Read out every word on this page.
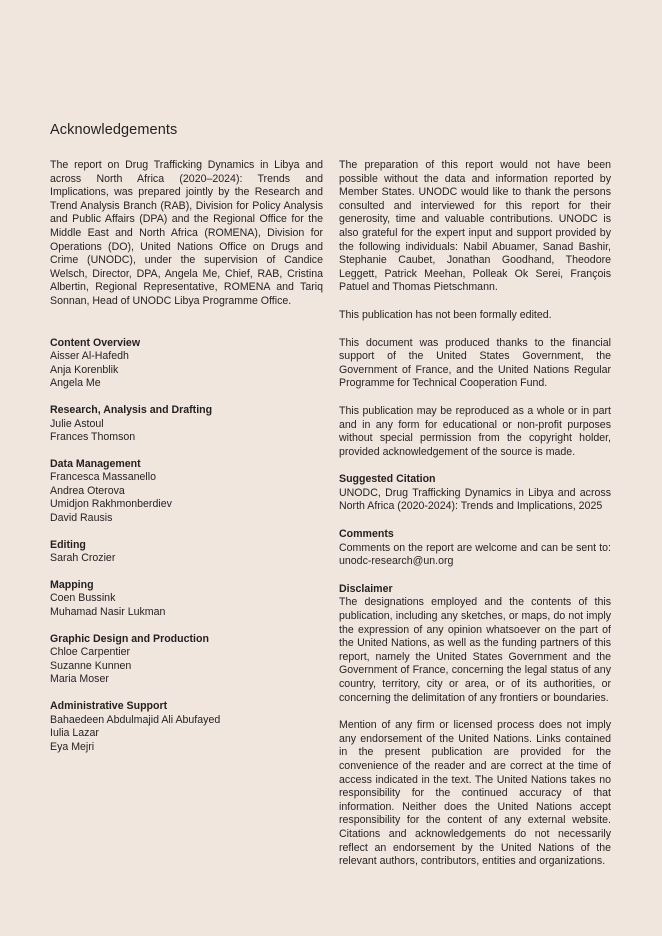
Acknowledgements

The report on Drug Trafficking Dynamics in Libya and across North Africa (2020–2024): Trends and Implications, was prepared jointly by the Research and Trend Analysis Branch (RAB), Division for Policy Analysis and Public Affairs (DPA) and the Regional Office for the Middle East and North Africa (ROMENA), Division for Operations (DO), United Nations Office on Drugs and Crime (UNODC), under the supervision of Candice Welsch, Director, DPA, Angela Me, Chief, RAB, Cristina Albertin, Regional Representative, ROMENA and Tariq Sonnan, Head of UNODC Libya Programme Office.

Content Overview
Aisser Al-Hafedh
Anja Korenblik
Angela Me
Research, Analysis and Drafting
Julie Astoul
Frances Thomson
Data Management
Francesca Massanello
Andrea Oterova
Umidjon Rakhmonberdiev
David Rausis
Editing
Sarah Crozier
Mapping
Coen Bussink
Muhamad Nasir Lukman
Graphic Design and Production
Chloe Carpentier
Suzanne Kunnen
Maria Moser
Administrative Support
Bahaedeen Abdulmajid Ali Abufayed
Iulia Lazar
Eya Mejri

The preparation of this report would not have been possible without the data and information reported by Member States. UNODC would like to thank the persons consulted and interviewed for this report for their generosity, time and valuable contributions. UNODC is also grateful for the expert input and support provided by the following individuals: Nabil Abuamer, Sanad Bashir, Stephanie Caubet, Jonathan Goodhand, Theodore Leggett, Patrick Meehan, Polleak Ok Serei, François Patuel and Thomas Pietschmann.

This publication has not been formally edited.

This document was produced thanks to the financial support of the United States Government, the Government of France, and the United Nations Regular Programme for Technical Cooperation Fund.

This publication may be reproduced as a whole or in part and in any form for educational or non-profit purposes without special permission from the copyright holder, provided acknowledgement of the source is made.

Suggested Citation

UNODC, Drug Trafficking Dynamics in Libya and across North Africa (2020-2024): Trends and Implications, 2025

Comments

Comments on the report are welcome and can be sent to: unodc-research@un.org

Disclaimer

The designations employed and the contents of this publication, including any sketches, or maps, do not imply the expression of any opinion whatsoever on the part of the United Nations, as well as the funding partners of this report, namely the United States Government and the Government of France, concerning the legal status of any country, territory, city or area, or of its authorities, or concerning the delimitation of any frontiers or boundaries.

Mention of any firm or licensed process does not imply any endorsement of the United Nations. Links contained in the present publication are provided for the convenience of the reader and are correct at the time of access indicated in the text. The United Nations takes no responsibility for the continued accuracy of that information. Neither does the United Nations accept responsibility for the content of any external website. Citations and acknowledgements do not necessarily reflect an endorsement by the United Nations of the relevant authors, contributors, entities and organizations.
